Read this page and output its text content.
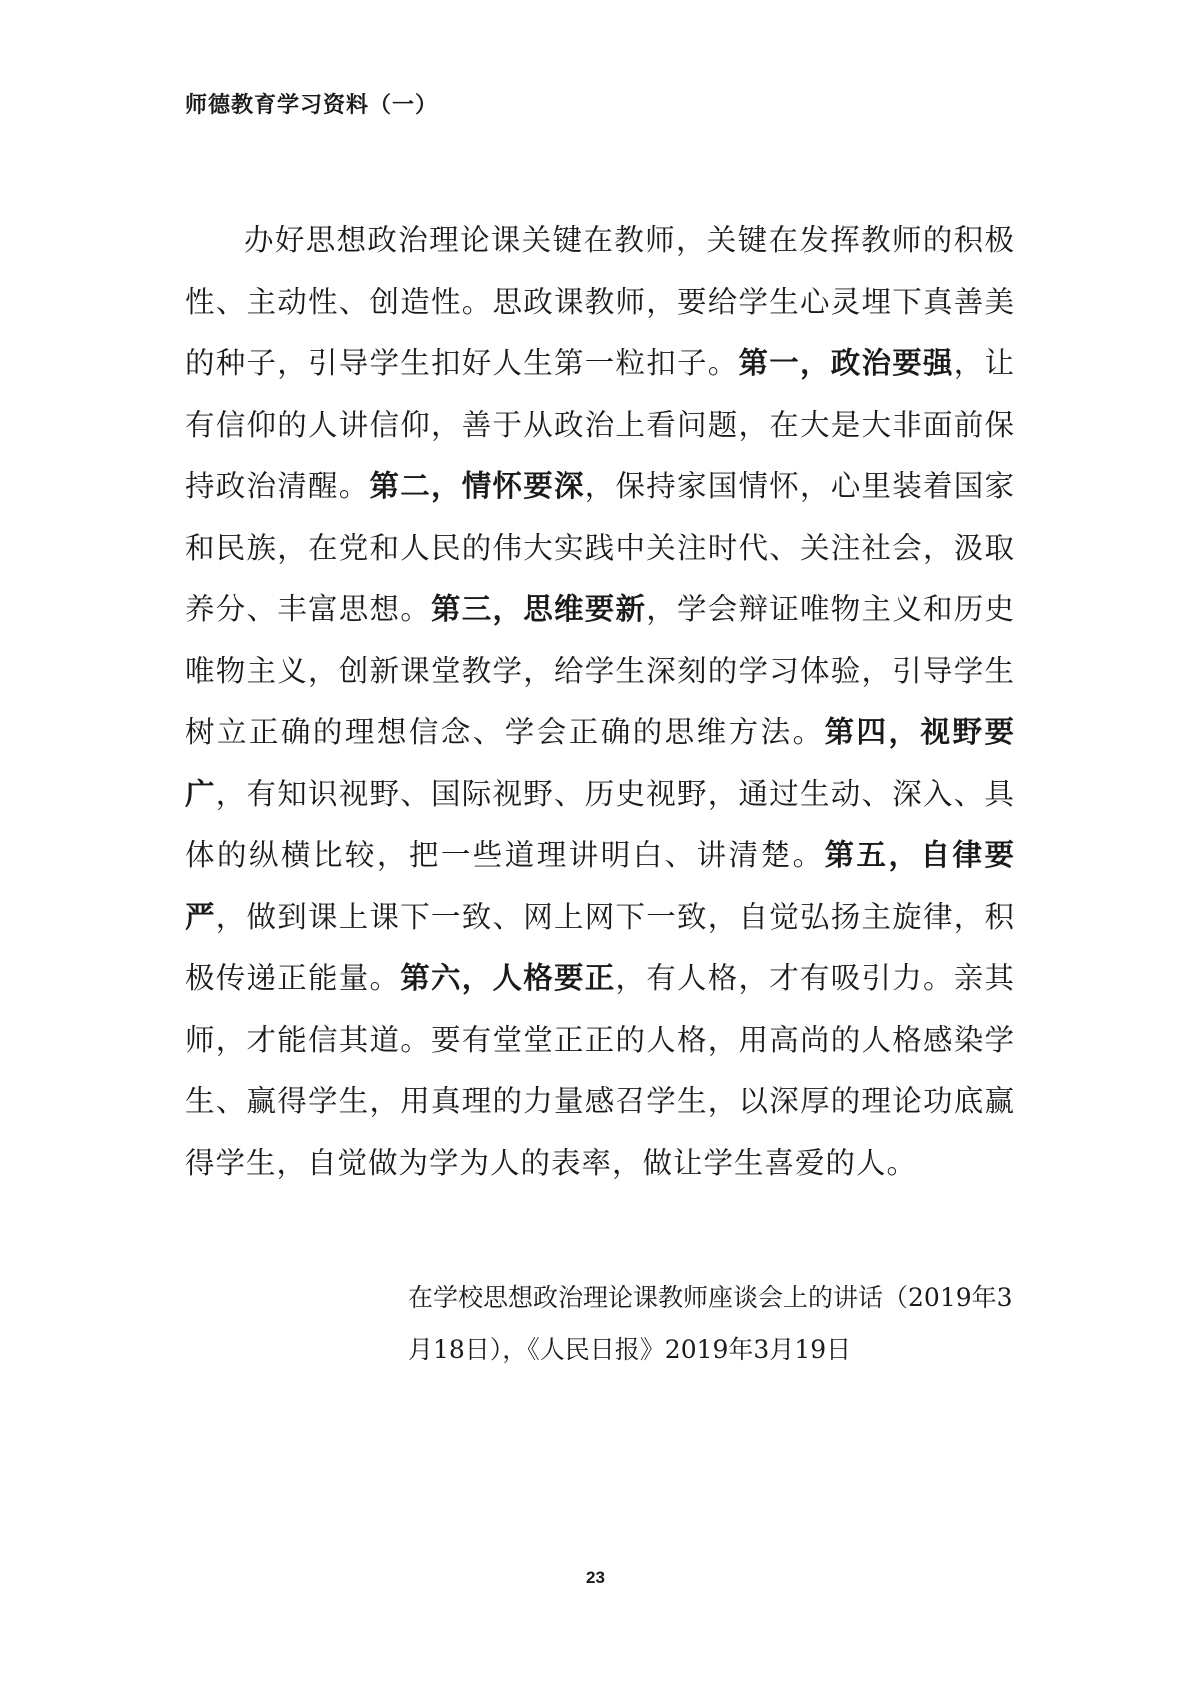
师德教育学习资料（一）

办好思想政治理论课关键在教师，关键在发挥教师的积极性、主动性、创造性。思政课教师，要给学生心灵埋下真善美的种子，引导学生扣好人生第一粒扣子。第一，政治要强，让有信仰的人讲信仰，善于从政治上看问题，在大是大非面前保持政治清醒。第二，情怀要深，保持家国情怀，心里装着国家和民族，在党和人民的伟大实践中关注时代、关注社会，汲取养分、丰富思想。第三，思维要新，学会辩证唯物主义和历史唯物主义，创新课堂教学，给学生深刻的学习体验，引导学生树立正确的理想信念、学会正确的思维方法。第四，视野要广，有知识视野、国际视野、历史视野，通过生动、深入、具体的纵横比较，把一些道理讲明白、讲清楚。第五，自律要严，做到课上课下一致、网上网下一致，自觉弘扬主旋律，积极传递正能量。第六，人格要正，有人格，才有吸引力。亲其师，才能信其道。要有堂堂正正的人格，用高尚的人格感染学生、赢得学生，用真理的力量感召学生，以深厚的理论功底赢得学生，自觉做为学为人的表率，做让学生喜爱的人。

在学校思想政治理论课教师座谈会上的讲话（2019年3月18日），《人民日报》2019年3月19日

23
